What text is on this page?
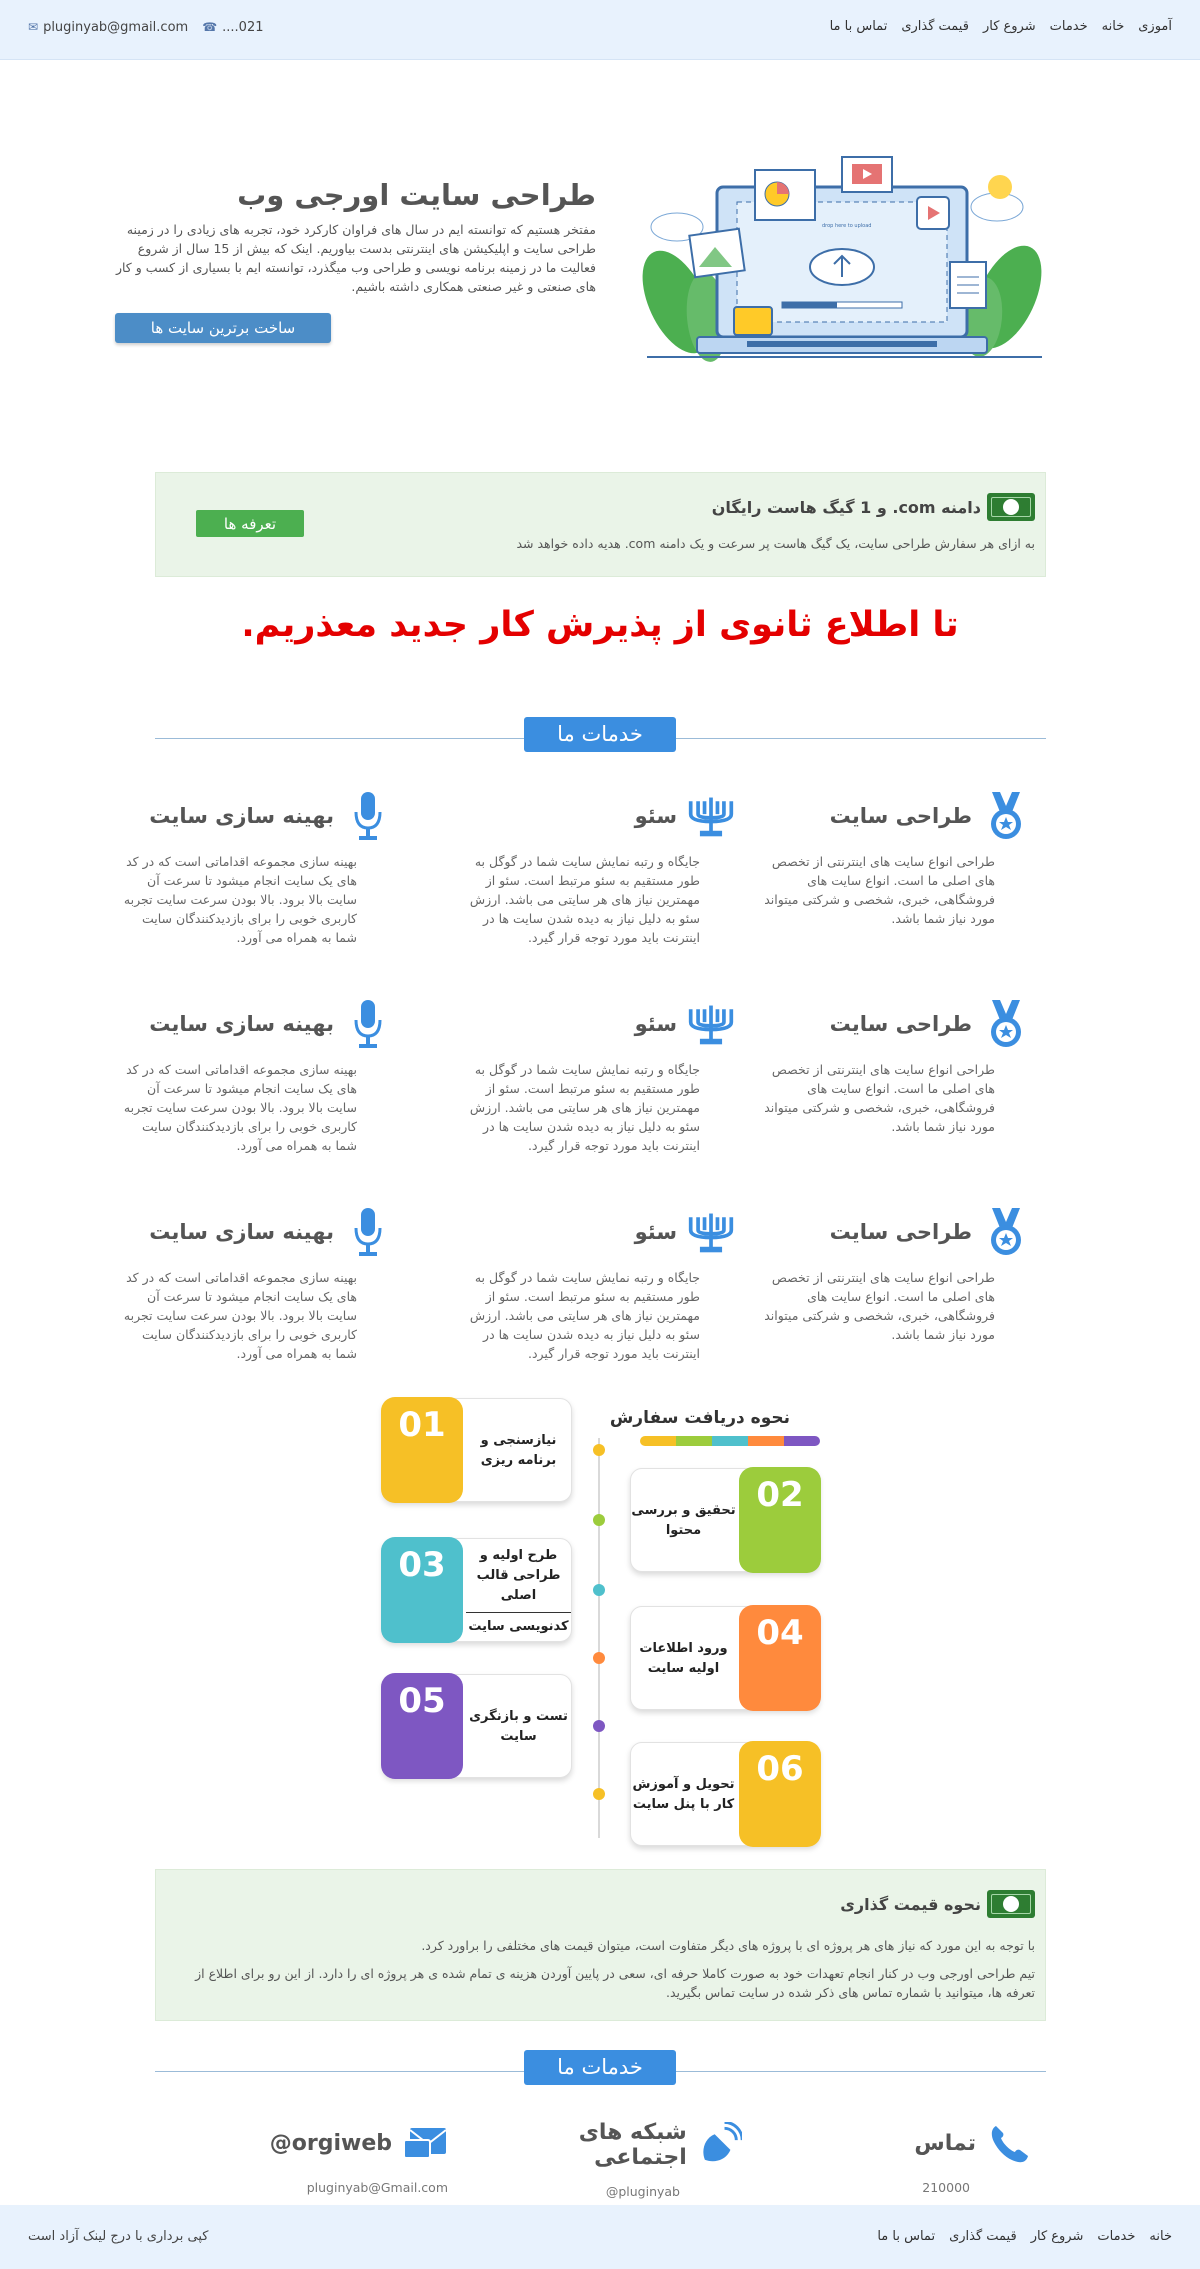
آموزی
خانه
خدمات
شروع کار
قیمت گذاری
تماس با ما
✉ pluginyab@gmail.com ☎ ....021
طراحی سایت اورجی وب
مفتخر هستیم که توانسته ایم در سال های فراوان کارکرد خود، تجربه های زیادی را در زمینه طراحی سایت و اپلیکیشن های اینترنتی بدست بیاوریم. اینک که بیش از 15 سال از شروع فعالیت ما در زمینه برنامه نویسی و طراحی وب میگذرد، توانسته ایم با بسیاری از کسب و کار های صنعتی و غیر صنعتی همکاری داشته باشیم.
ساخت برترین سایت ها
drop here to upload
دامنه com. و 1 گیگ هاست رایگان
به ازای هر سفارش طراحی سایت، یک گیگ هاست پر سرعت و یک دامنه com. هدیه داده خواهد شد
تعرفه ها
تا اطلاع ثانوی از پذیرش کار جدید معذریم.
خدمات ما
طراحی سایت
طراحی انواع سایت های اینترنتی از تخصص های اصلی ما است. انواع سایت های فروشگاهی، خبری، شخصی و شرکتی میتواند مورد نیاز شما باشد.
سئو
جایگاه و رتبه نمایش سایت شما در گوگل به طور مستقیم به سئو مرتبط است. سئو از مهمترین نیاز های هر سایتی می باشد. ارزش سئو به دلیل نیاز به دیده شدن سایت ها در اینترنت باید مورد توجه قرار گیرد.
بهینه سازی سایت
بهینه سازی مجموعه اقداماتی است که در کد های یک سایت انجام میشود تا سرعت آن سایت بالا برود. بالا بودن سرعت سایت تجربه کاربری خوبی را برای بازدیدکنندگان سایت شما به همراه می آورد.
طراحی سایت
طراحی انواع سایت های اینترنتی از تخصص های اصلی ما است. انواع سایت های فروشگاهی، خبری، شخصی و شرکتی میتواند مورد نیاز شما باشد.
سئو
جایگاه و رتبه نمایش سایت شما در گوگل به طور مستقیم به سئو مرتبط است. سئو از مهمترین نیاز های هر سایتی می باشد. ارزش سئو به دلیل نیاز به دیده شدن سایت ها در اینترنت باید مورد توجه قرار گیرد.
بهینه سازی سایت
بهینه سازی مجموعه اقداماتی است که در کد های یک سایت انجام میشود تا سرعت آن سایت بالا برود. بالا بودن سرعت سایت تجربه کاربری خوبی را برای بازدیدکنندگان سایت شما به همراه می آورد.
طراحی سایت
طراحی انواع سایت های اینترنتی از تخصص های اصلی ما است. انواع سایت های فروشگاهی، خبری، شخصی و شرکتی میتواند مورد نیاز شما باشد.
سئو
جایگاه و رتبه نمایش سایت شما در گوگل به طور مستقیم به سئو مرتبط است. سئو از مهمترین نیاز های هر سایتی می باشد. ارزش سئو به دلیل نیاز به دیده شدن سایت ها در اینترنت باید مورد توجه قرار گیرد.
بهینه سازی سایت
بهینه سازی مجموعه اقداماتی است که در کد های یک سایت انجام میشود تا سرعت آن سایت بالا برود. بالا بودن سرعت سایت تجربه کاربری خوبی را برای بازدیدکنندگان سایت شما به همراه می آورد.
نحوه دریافت سفارش
01	نیازسنجی و برنامه ریزی
02
تحقیق و بررسی محتوا
03	طرح اولیه و طراحی قالب اصلی
کدنویسی سایت	04
ورود اطلاعات اولیه سایت
05	تست و بازنگری سایت
06
تحویل و آموزش کار با پنل سایت
نحوه قیمت گذاری
با توجه به این مورد که نیاز های هر پروژه ای با پروژه های دیگر متفاوت است، میتوان قیمت های مختلفی را براورد کرد.
تیم طراحی اورجی وب در کنار انجام تعهدات خود به صورت کاملا حرفه ای، سعی در پایین آوردن هزینه ی تمام شده ی هر پروژه ای را دارد. از این رو برای اطلاع از تعرفه ها، میتوانید با شماره تماس های ذکر شده در سایت تماس بگیرید.
خدمات ما
تماس
210000
شبکه های اجتماعی
pluginyab@
orgiweb@
pluginyab@Gmail.com
خانه
خدمات
شروع کار
قیمت گذاری
تماس با ما
کپی برداری با درج لینک آزاد است
